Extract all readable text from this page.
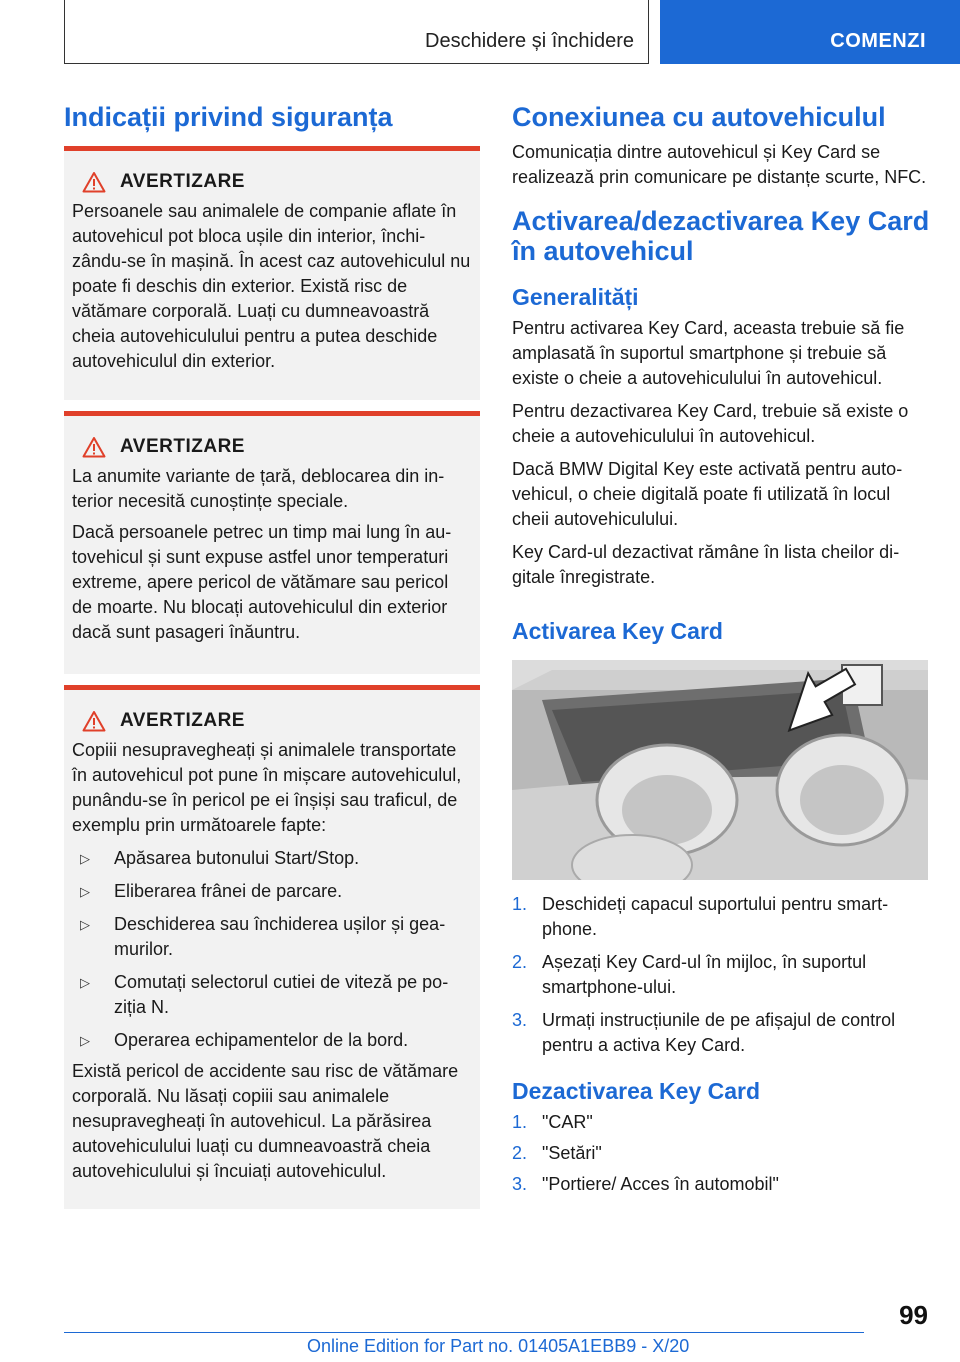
Deschidere și închidere	COMENZI
Indicații privind siguranța
AVERTIZARE

Persoanele sau animalele de companie aflate în autovehicul pot bloca ușile din interior, închizându-se în mașină. În acest caz autovehiculul nu poate fi deschis din exterior. Există risc de vătămare corporală. Luați cu dumneavoastră cheia autovehiculului pentru a putea deschide autovehiculul din exterior.

AVERTIZARE

La anumite variante de țară, deblocarea din interior necesită cunoștințe speciale.

Dacă persoanele petrec un timp mai lung în autovehicul și sunt expuse astfel unor temperaturi extreme, apere pericol de vătămare sau pericol de moarte. Nu blocați autovehiculul din exterior dacă sunt pasageri înăuntru.

AVERTIZARE

Copiii nesupravegheați și animalele transportate în autovehicul pot pune în mișcare autovehiculul, punându-se în pericol pe ei înșiși sau traficul, de exemplu prin următoarele fapte:

▷	Apăsarea butonului Start/Stop.
▷	Eliberarea frânei de parcare.
▷	Deschiderea sau închiderea ușilor și geamurilor.
▷	Comutați selectorul cutiei de viteză pe poziția N.
▷	Operarea echipamentelor de la bord.

Există pericol de accidente sau risc de vătămare corporală. Nu lăsați copiii sau animalele nesupravegheați în autovehicul. La părăsirea autovehiculului luați cu dumneavoastră cheia autovehiculului și încuiați autovehiculul.

Conexiunea cu autovehiculul

Comunicația dintre autovehicul și Key Card se realizează prin comunicare pe distanțe scurte, NFC.

Activarea/dezactivarea Key Card în autovehicul
Generalități

Pentru activarea Key Card, aceasta trebuie să fie amplasată în suportul smartphone și trebuie să existe o cheie a autovehiculului în autovehicul.

Pentru dezactivarea Key Card, trebuie să existe o cheie a autovehiculului în autovehicul.

Dacă BMW Digital Key este activată pentru autovehicul, o cheie digitală poate fi utilizată în locul cheii autovehiculului.

Key Card-ul dezactivat rămâne în lista cheilor digitale înregistrate.

Activarea Key Card
1. Deschideți capacul suportului pentru smartphone.
2. Așezați Key Card-ul în mijloc, în suportul smartphone-ului.
3. Urmați instrucțiunile de pe afișajul de control pentru a activa Key Card.
Dezactivarea Key Card
1. "CAR"
2. "Setări"
3. "Portiere/ Acces în automobil"
99
Online Edition for Part no. 01405A1EBB9 - X/20
